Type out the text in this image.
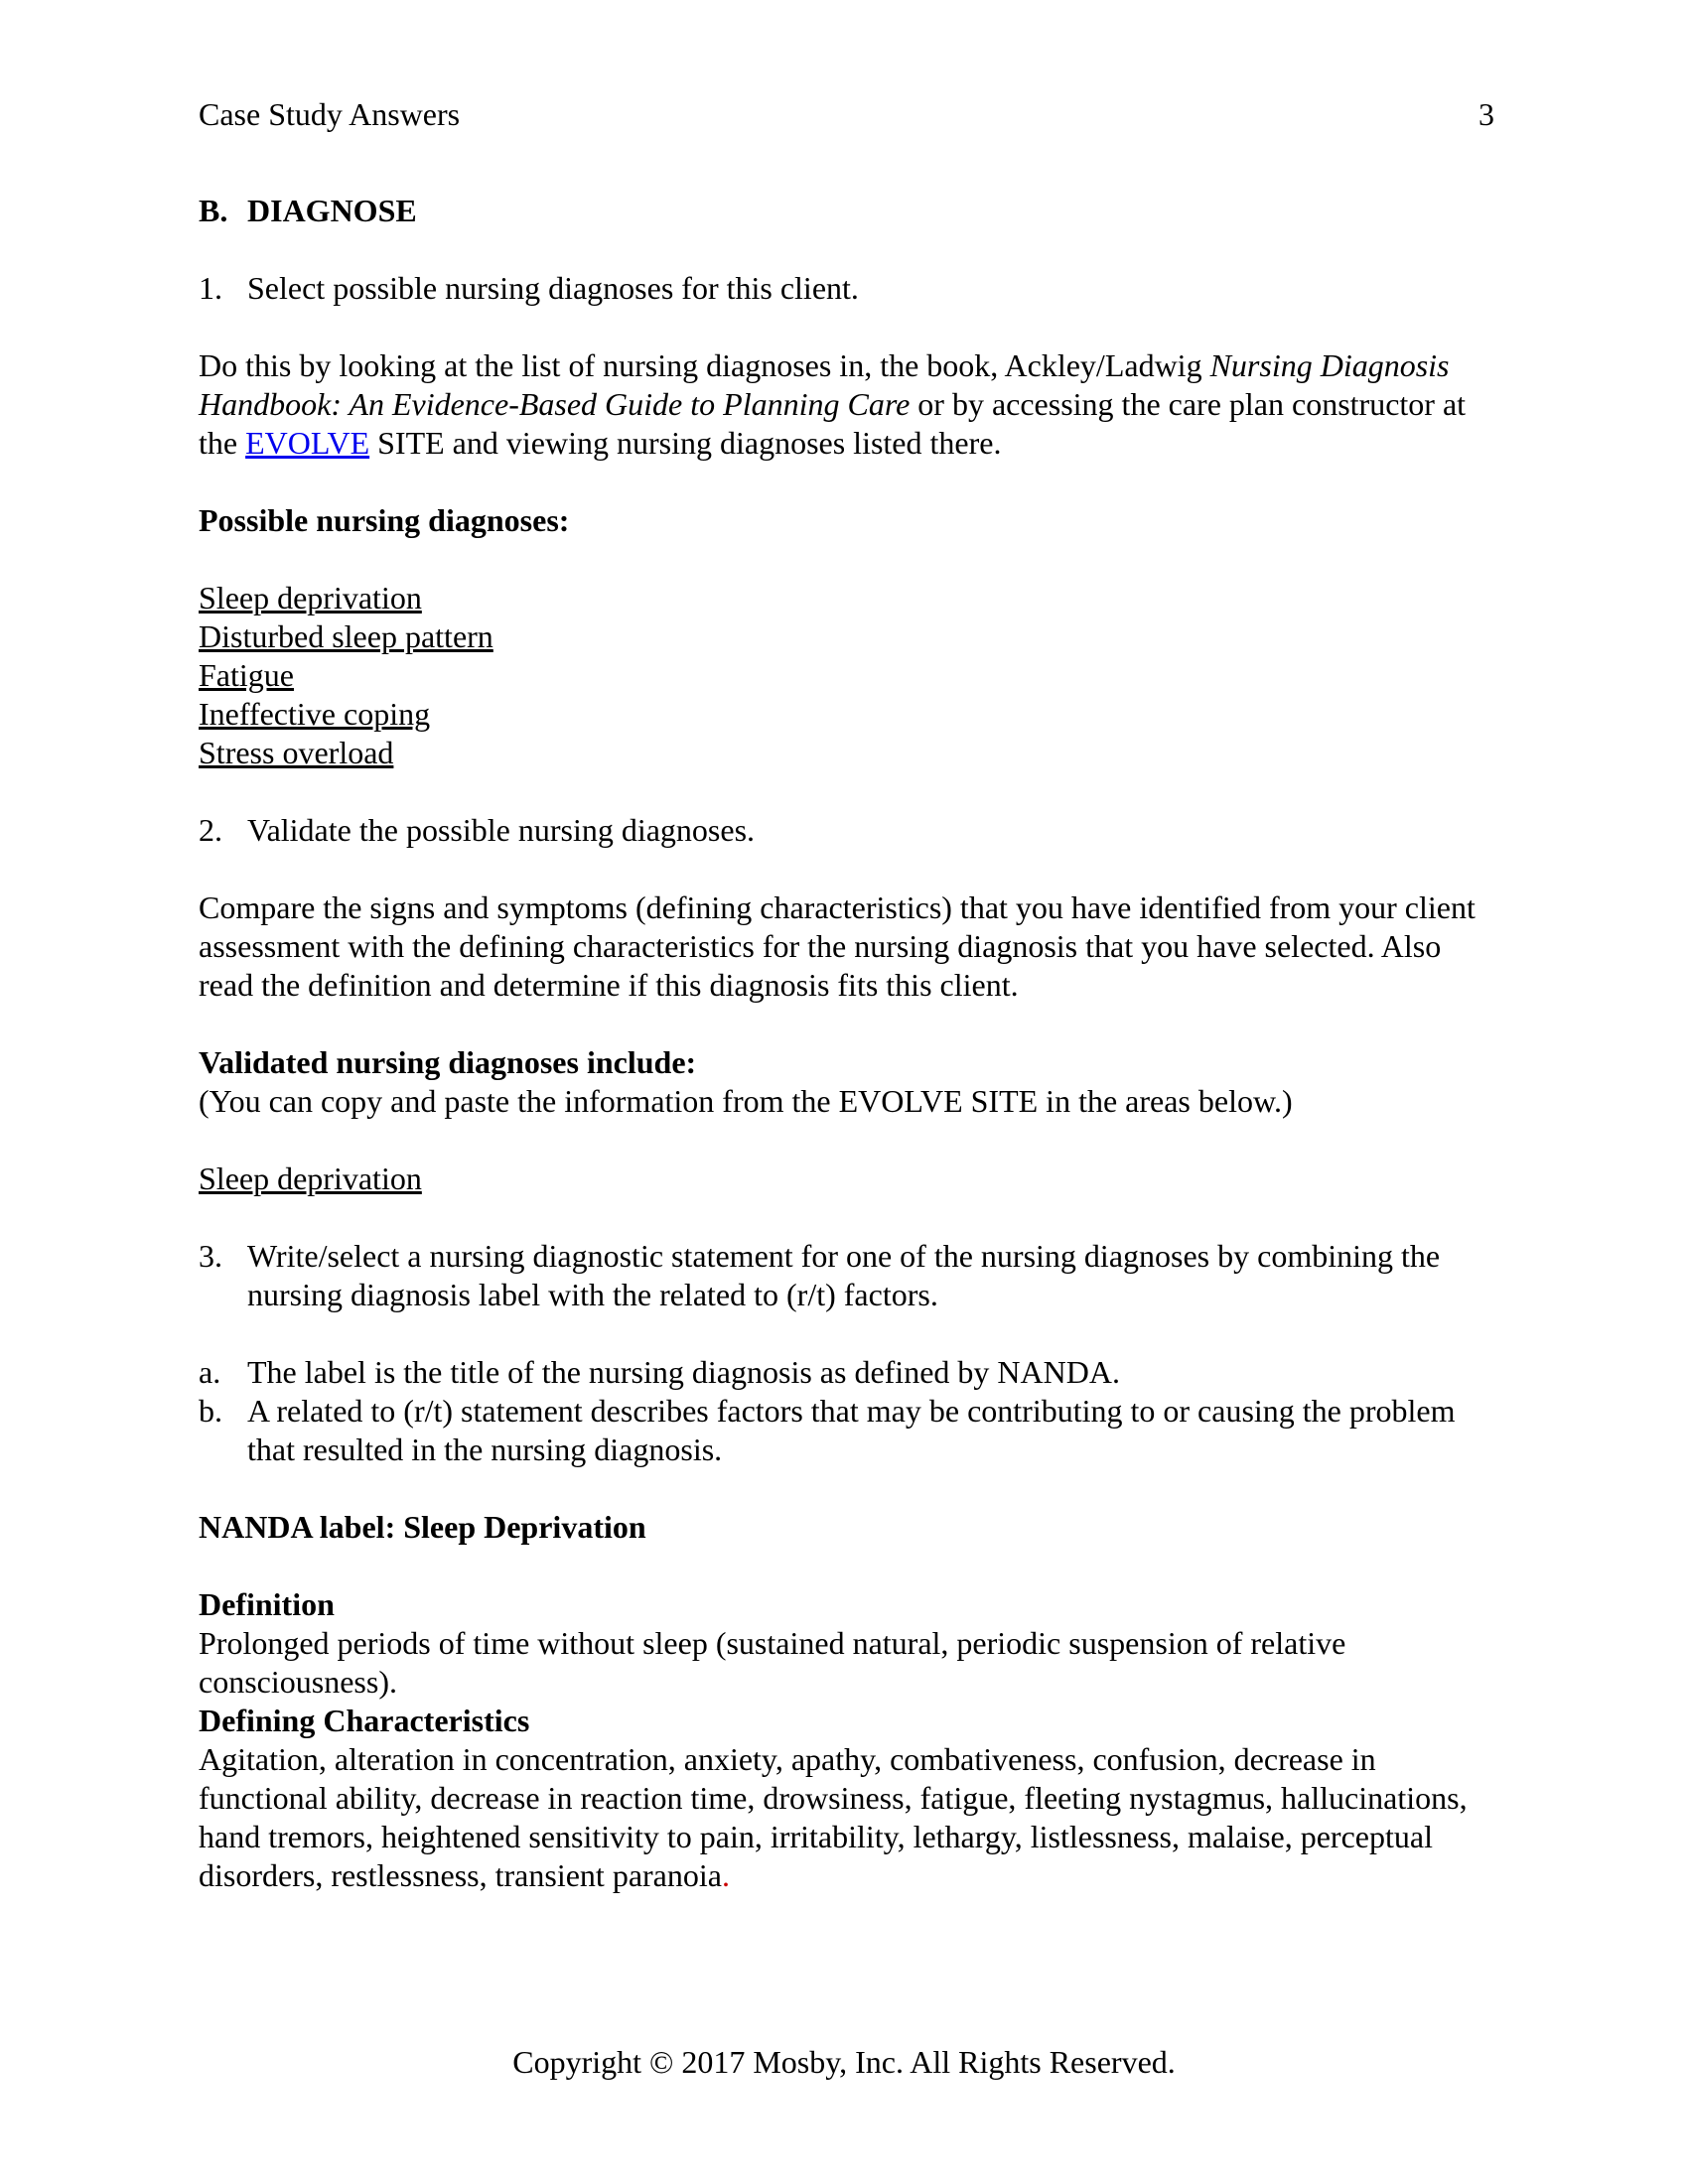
Case Study Answers	3
B. DIAGNOSE
1. Select possible nursing diagnoses for this client.
Do this by looking at the list of nursing diagnoses in, the book, Ackley/Ladwig Nursing Diagnosis Handbook: An Evidence-Based Guide to Planning Care or by accessing the care plan constructor at the EVOLVE SITE and viewing nursing diagnoses listed there.
Possible nursing diagnoses:
Sleep deprivation
Disturbed sleep pattern
Fatigue
Ineffective coping
Stress overload
2. Validate the possible nursing diagnoses.
Compare the signs and symptoms (defining characteristics) that you have identified from your client assessment with the defining characteristics for the nursing diagnosis that you have selected. Also read the definition and determine if this diagnosis fits this client.
Validated nursing diagnoses include:
(You can copy and paste the information from the EVOLVE SITE in the areas below.)
Sleep deprivation
3. Write/select a nursing diagnostic statement for one of the nursing diagnoses by combining the nursing diagnosis label with the related to (r/t) factors.
a. The label is the title of the nursing diagnosis as defined by NANDA.
b. A related to (r/t) statement describes factors that may be contributing to or causing the problem that resulted in the nursing diagnosis.
NANDA label: Sleep Deprivation
Definition
Prolonged periods of time without sleep (sustained natural, periodic suspension of relative consciousness).
Defining Characteristics
Agitation, alteration in concentration, anxiety, apathy, combativeness, confusion, decrease in functional ability, decrease in reaction time, drowsiness, fatigue, fleeting nystagmus, hallucinations, hand tremors, heightened sensitivity to pain, irritability, lethargy, listlessness, malaise, perceptual disorders, restlessness, transient paranoia.
Copyright © 2017 Mosby, Inc. All Rights Reserved.
